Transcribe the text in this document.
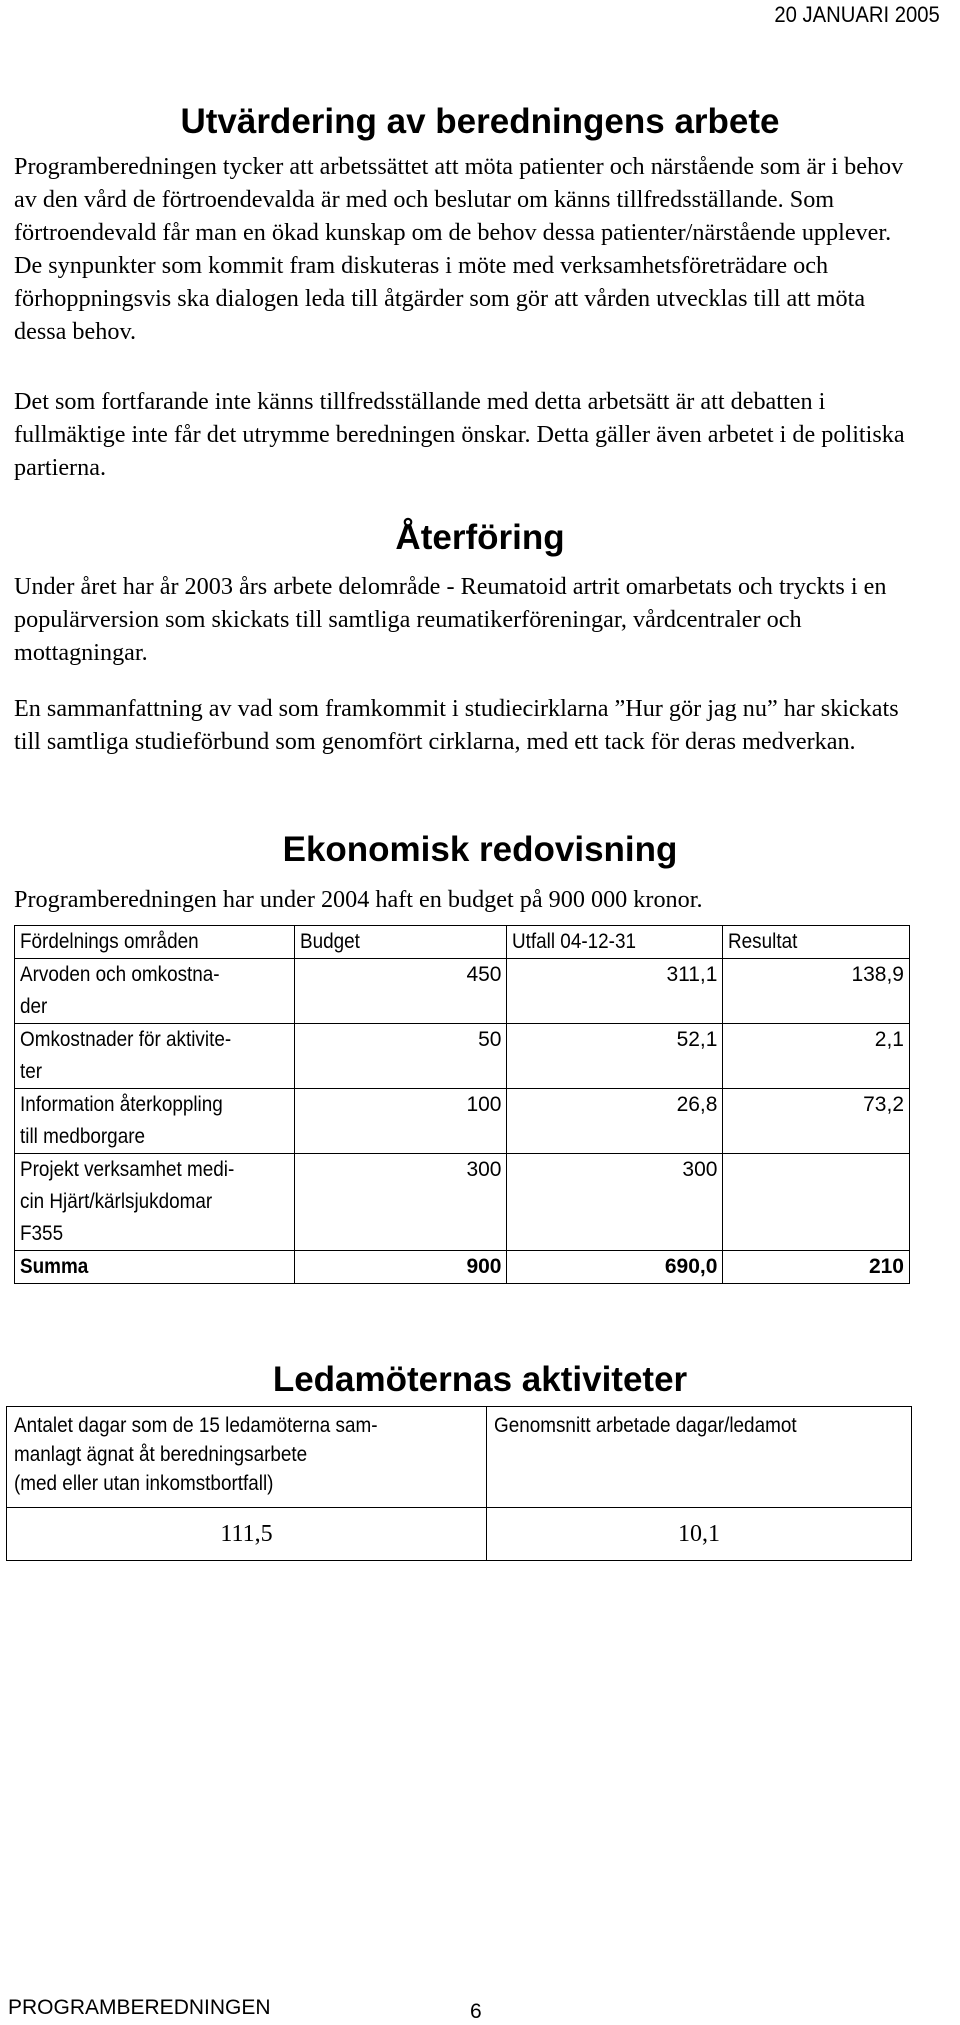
20 JANUARI 2005
Utvärdering av beredningens arbete

Programberedningen tycker att arbetssättet att möta patienter och närstående som är i behov av den vård de förtroendevalda är med och beslutar om känns tillfredsställande. Som förtroendevald får man en ökad kunskap om de behov dessa patienter/närstående upplever. De synpunkter som kommit fram diskuteras i möte med verksamhetsföreträdare och förhoppningsvis ska dialogen leda till åtgärder som gör att vården utvecklas till att möta dessa behov.

Det som fortfarande inte känns tillfredsställande med detta arbetsätt är att debatten i fullmäktige inte får det utrymme beredningen önskar. Detta gäller även arbetet i de politiska partierna.

Återföring

Under året har år 2003 års arbete delområde - Reumatoid artrit omarbetats och tryckts i en populärversion som skickats till samtliga reumatikerföreningar, vårdcentraler och mottagningar.

En sammanfattning av vad som framkommit i studiecirklarna ”Hur gör jag nu” har skickats till samtliga studieförbund som genomfört cirklarna, med ett tack för deras medverkan.

Ekonomisk redovisning

Programberedningen har under 2004 haft en budget på 900 000 kronor.

Fördelnings områden	Budget	Utfall 04-12-31	Resultat
Arvoden och omkostna-
der	450	311,1	138,9
Omkostnader för aktivite-
ter	50	52,1	2,1
Information återkoppling
till medborgare	100	26,8	73,2
Projekt verksamhet medi-
cin Hjärt/kärlsjukdomar
F355	300	300	
Summa	900	690,0	210
Ledamöternas aktiviteter
Antalet dagar som de 15 ledamöterna sam-
manlagt ägnat åt beredningsarbete
(med eller utan inkomstbortfall)	Genomsnitt arbetade dagar/ledamot
111,5	10,1
PROGRAMBEREDNINGEN	6
